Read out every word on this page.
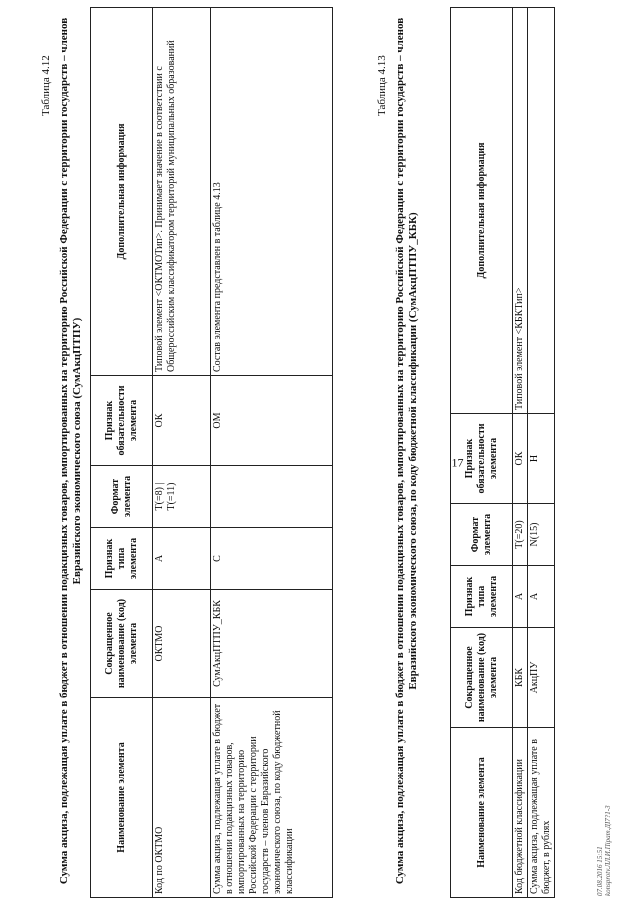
17
Таблица 4.12 Сумма акциза, подлежащая уплате в бюджет в отношении подакцизных товаров, импортированных на территорию Российской Федерации с территории государств – членов Евразийского экономического союза (СумАкцПТПУ)
Наименование элемента	Сокращенное наименование (код) элемента	Признак типа элемента	Формат элемента	Признак обязательности элемента	Дополнительная информация
Код по ОКТМО	ОКТМО	А	T(=8) | T(=11)	ОК	Типовой элемент <ОКТМОТип>. Принимает значение в соответствии с Общероссийским классификатором территорий муниципальных образований
Сумма акциза, подлежащая уплате в бюджет в отношении подакцизных товаров, импортированных на территорию Российской Федерации с территории государств – членов Евразийского экономического союза, по коду бюджетной классификации	СумАкцПТПУ_КБК	С		ОМ	Состав элемента представлен в таблице 4.13
Таблица 4.13 Сумма акциза, подлежащая уплате в бюджет в отношении подакцизных товаров, импортированных на территорию Российской Федерации с территории государств – членов Евразийского экономического союза, по коду бюджетной классификации (СумАкцПТПУ_КБК)
Наименование элемента	Сокращенное наименование (код) элемента	Признак типа элемента	Формат элемента	Признак обязательности элемента	Дополнительная информация
Код бюджетной классификации	КБК	А	T(=20)	ОК	Типовой элемент <КБКТип>
Сумма акциза, подлежащая уплате в бюджет, в рублях	АкцПУ	А	N(15)	Н	
07.08.2016 15:51 konsprotv.ЛЛ.И.Пірат.ДІ7?1-3
